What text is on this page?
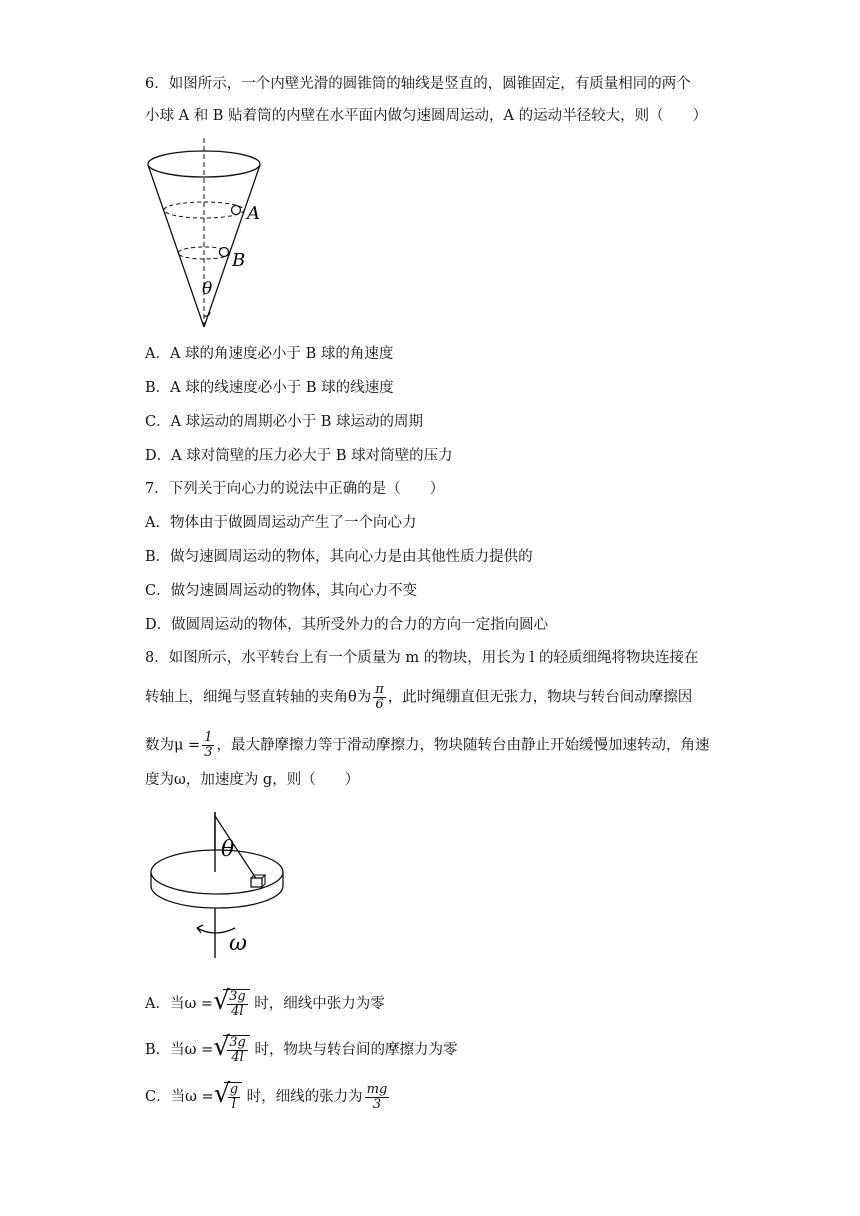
6．如图所示，一个内壁光滑的圆锥筒的轴线是竖直的，圆锥固定，有质量相同的两个
小球 A 和 B 贴着筒的内壁在水平面内做匀速圆周运动，A 的运动半径较大，则（　　）
A
B
θ
A．A 球的角速度必小于 B 球的角速度
B．A 球的线速度必小于 B 球的线速度
C．A 球运动的周期必小于 B 球运动的周期
D．A 球对筒壁的压力必大于 B 球对筒壁的压力
7．下列关于向心力的说法中正确的是（　　）
A．物体由于做圆周运动产生了一个向心力
B．做匀速圆周运动的物体，其向心力是由其他性质力提供的
C．做匀速圆周运动的物体，其向心力不变
D．做圆周运动的物体，其所受外力的合力的方向一定指向圆心
8．如图所示，水平转台上有一个质量为 m 的物块，用长为 l 的轻质细绳将物块连接在
转轴上，细绳与竖直转轴的夹角θ为 $\frac{\pi}{6}$ ，此时绳绷直但无张力，物块与转台间动摩擦因
数为$\mu = \frac{1}{3}$ ，最大静摩擦力等于滑动摩擦力，物块随转台由静止开始缓慢加速转动，角速
度为ω，加速度为 g，则（　　）
θ
ω
A．当ω = √
$\frac{3g}{4l}$ 时，细线中张力为零
B．当ω = √
$\frac{3g}{4l}$ 时，物块与转台间的摩擦力为零
C．当ω = √
$\frac{g}{l}$ 时，细线的张力为 $\frac{mg}{3}$
